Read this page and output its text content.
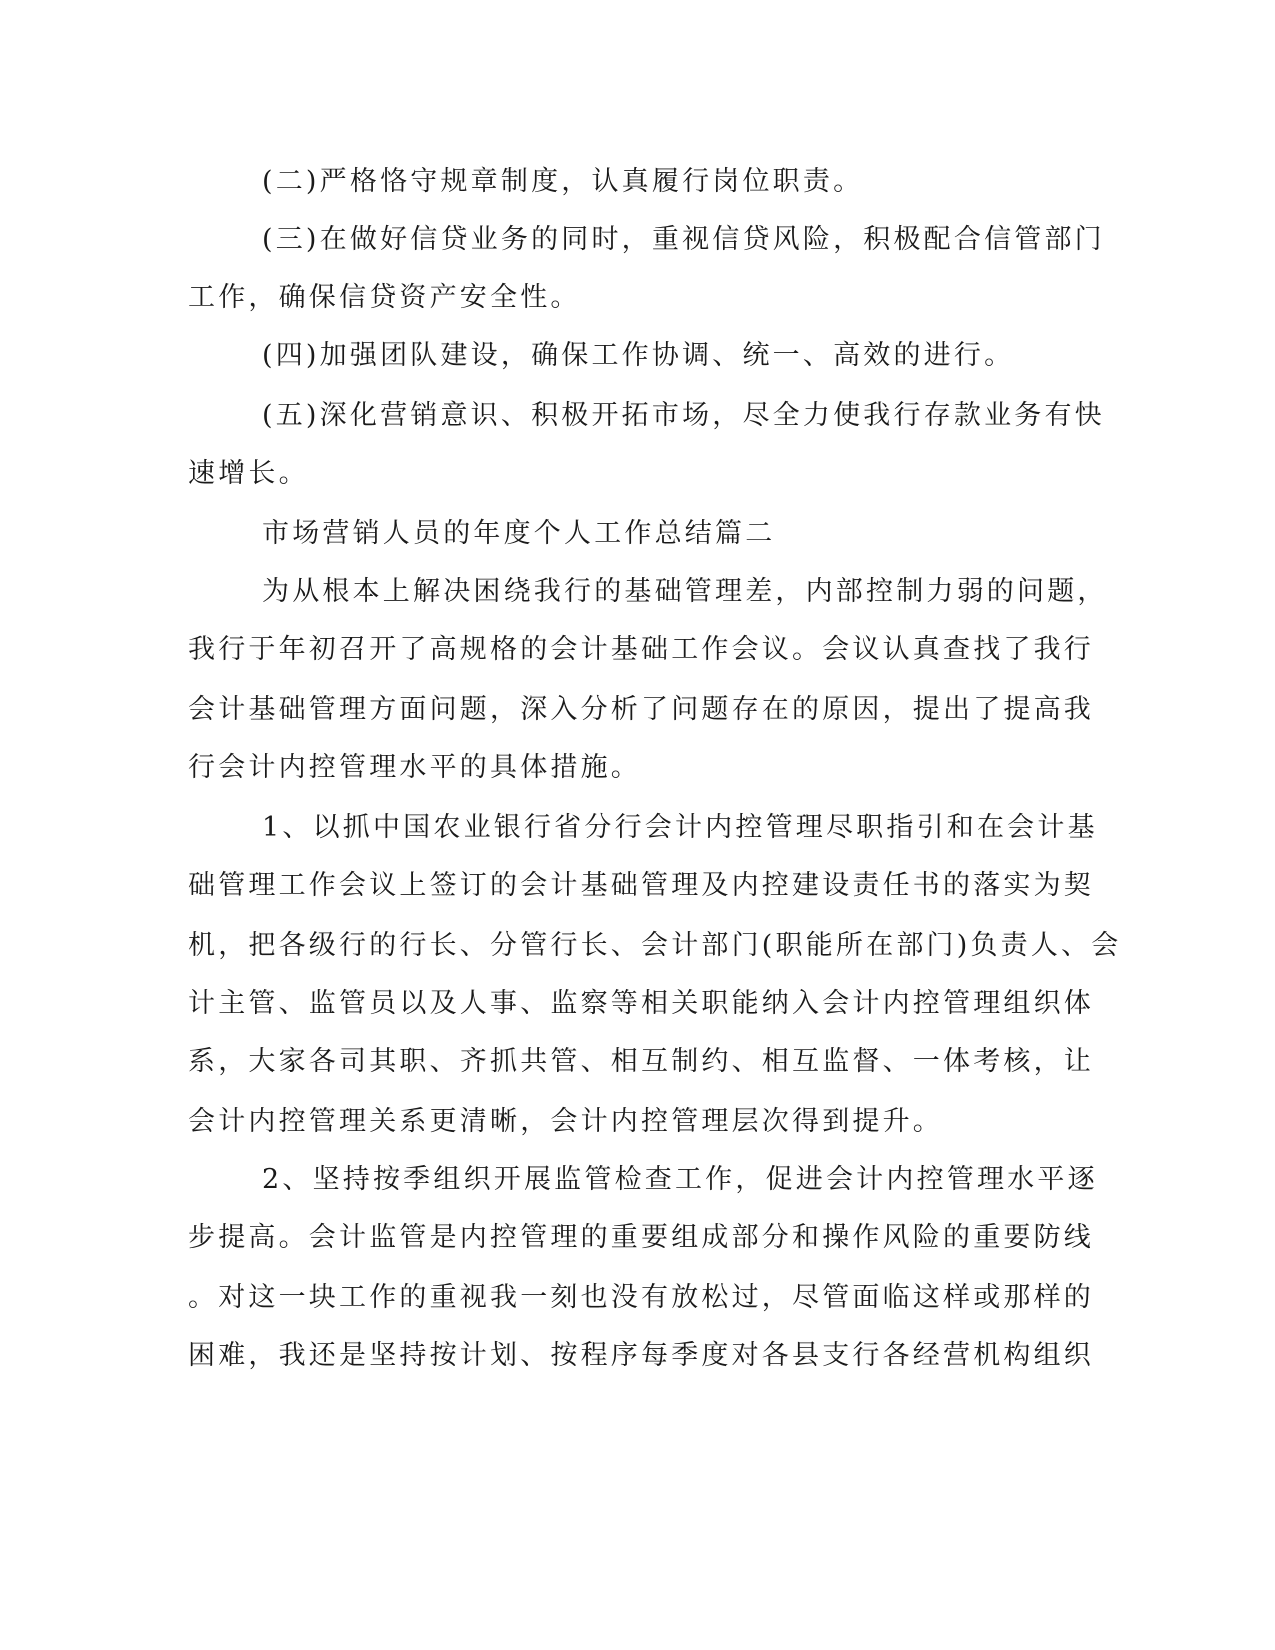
(二)严格恪守规章制度，认真履行岗位职责。
(三)在做好信贷业务的同时，重视信贷风险，积极配合信管部门
工作，确保信贷资产安全性。
(四)加强团队建设，确保工作协调、统一、高效的进行。
(五)深化营销意识、积极开拓市场，尽全力使我行存款业务有快
速增长。
市场营销人员的年度个人工作总结篇二
为从根本上解决困绕我行的基础管理差，内部控制力弱的问题，
我行于年初召开了高规格的会计基础工作会议。会议认真查找了我行
会计基础管理方面问题，深入分析了问题存在的原因，提出了提高我
行会计内控管理水平的具体措施。
1、以抓中国农业银行省分行会计内控管理尽职指引和在会计基
础管理工作会议上签订的会计基础管理及内控建设责任书的落实为契
机，把各级行的行长、分管行长、会计部门(职能所在部门)负责人、会
计主管、监管员以及人事、监察等相关职能纳入会计内控管理组织体
系，大家各司其职、齐抓共管、相互制约、相互监督、一体考核，让
会计内控管理关系更清晰，会计内控管理层次得到提升。
2、坚持按季组织开展监管检查工作，促进会计内控管理水平逐
步提高。会计监管是内控管理的重要组成部分和操作风险的重要防线
。对这一块工作的重视我一刻也没有放松过，尽管面临这样或那样的
困难，我还是坚持按计划、按程序每季度对各县支行各经营机构组织
